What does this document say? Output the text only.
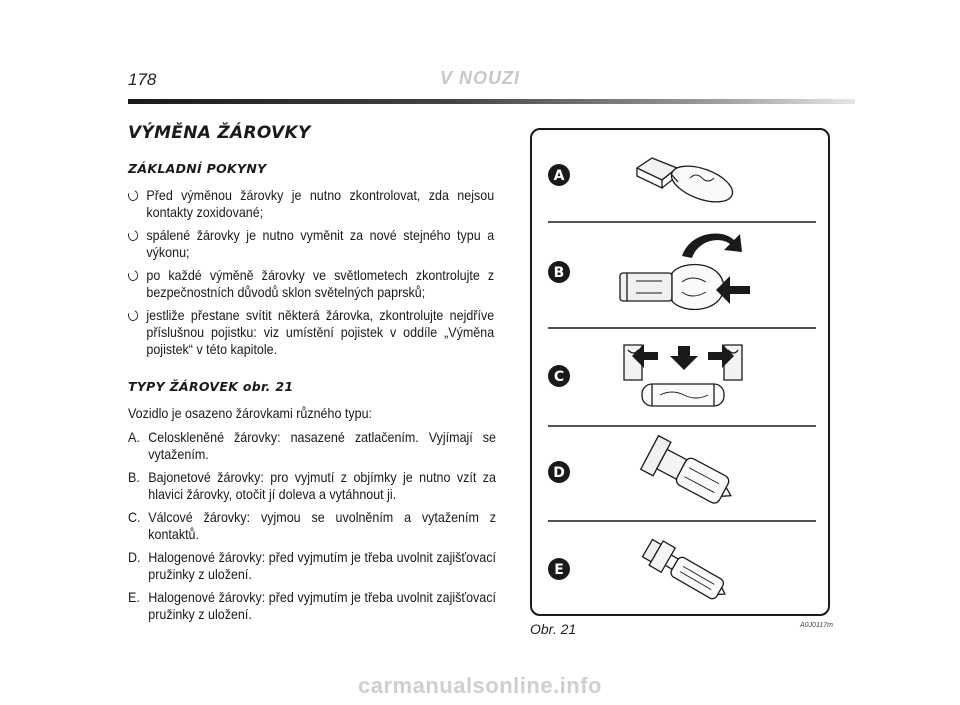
178	V NOUZI
VÝMĚNA ŽÁROVKY
ZÁKLADNÍ POKYNY
Před výměnou žárovky je nutno zkontrolovat, zda nejsou kontakty zoxidované;
spálené žárovky je nutno vyměnit za nové stejného typu a výkonu;
po každé výměně žárovky ve světlometech zkontrolujte z bezpečnostních důvodů sklon světelných paprsků;
jestliže přestane svítit některá žárovka, zkontrolujte nejdříve příslušnou pojistku: viz umístění pojistek v oddíle „Výměna pojistek“ v této kapitole.
TYPY ŽÁROVEK obr. 21

Vozidlo je osazeno žárovkami různého typu:

A. Celoskleněné žárovky: nasazené zatlačením. Vyjímají se vytažením.
B. Bajonetové žárovky: pro vyjmutí z objímky je nutno vzít za hlavici žárovky, otočit jí doleva a vytáhnout ji.
C. Válcové žárovky: vyjmou se uvolněním a vytažením z kontaktů.
D. Halogenové žárovky: před vyjmutím je třeba uvolnit zajišťovací pružinky z uložení.
E. Halogenové žárovky: před vyjmutím je třeba uvolnit zajišťovací pružinky z uložení.
A
B
C
D
E
Obr. 21	A0J0117m
carmanualsonline.info
